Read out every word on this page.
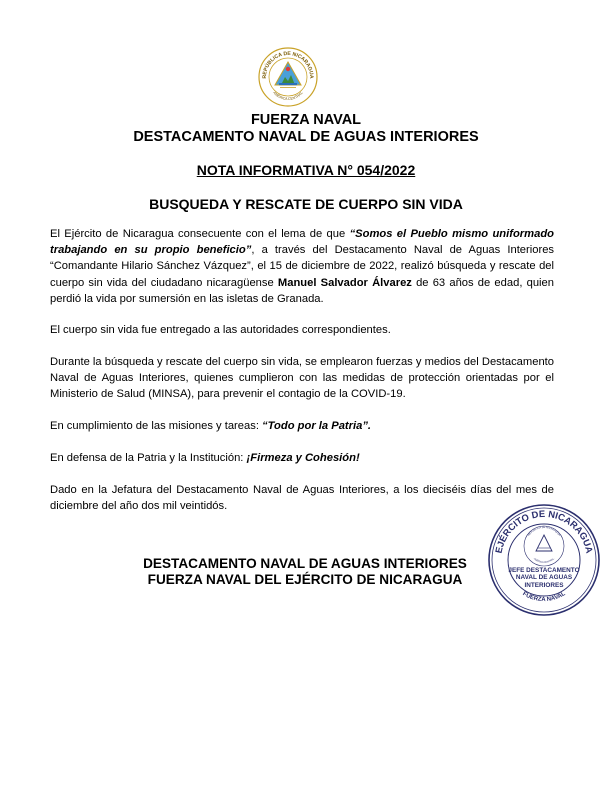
REPÚBLICA DE NICARAGUA
AMÉRICA CENTRAL
FUERZA NAVAL
DESTACAMENTO NAVAL DE AGUAS INTERIORES
NOTA INFORMATIVA N° 054/2022
BUSQUEDA Y RESCATE DE CUERPO SIN VIDA
El Ejército de Nicaragua consecuente con el lema de que “Somos el Pueblo mismo uniformado trabajando en su propio beneficio”, a través del Destacamento Naval de Aguas Interiores “Comandante Hilario Sánchez Vázquez”, el 15 de diciembre de 2022, realizó búsqueda y rescate del cuerpo sin vida del ciudadano nicaragüense Manuel Salvador Álvarez de 63 años de edad, quien perdió la vida por sumersión en las isletas de Granada.
El cuerpo sin vida fue entregado a las autoridades correspondientes.
Durante la búsqueda y rescate del cuerpo sin vida, se emplearon fuerzas y medios del Destacamento Naval de Aguas Interiores, quienes cumplieron con las medidas de protección orientadas por el Ministerio de Salud (MINSA), para prevenir el contagio de la COVID-19.
En cumplimiento de las misiones y tareas: “Todo por la Patria”.
En defensa de la Patria y la Institución: ¡Firmeza y Cohesión!
Dado en la Jefatura del Destacamento Naval de Aguas Interiores, a los dieciséis días del mes de diciembre del año dos mil veintidós.
DESTACAMENTO NAVAL DE AGUAS INTERIORES
FUERZA NAVAL DEL EJÉRCITO DE NICARAGUA
EJÉRCITO DE NICARAGUA
FUERZA NAVAL
REPÚBLICA DE NICARAGUA
AMÉRICA CENTRAL
JEFE DESTACAMENTO
NAVAL DE AGUAS
INTERIORES
